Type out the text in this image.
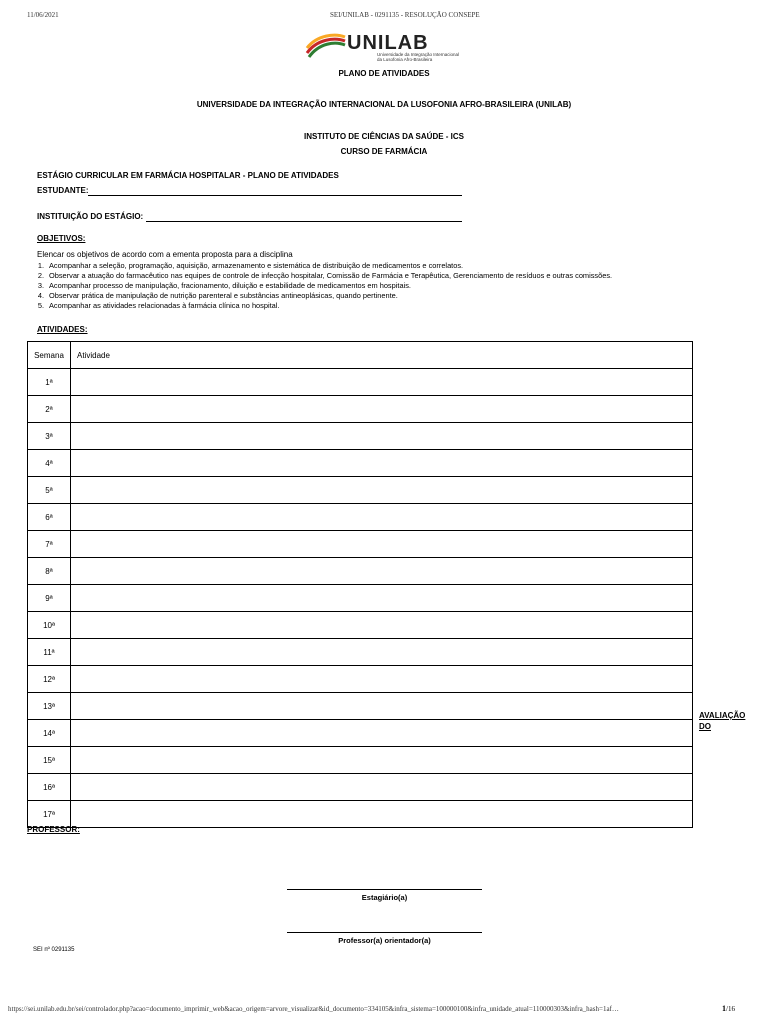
11/06/2021	SEI/UNILAB - 0291135 - RESOLUÇÃO CONSEPE
UNILAB
Universidade da Integração Internacional
da Lusofonia Afro-Brasileira
PLANO DE ATIVIDADES
UNIVERSIDADE DA INTEGRAÇÃO INTERNACIONAL DA LUSOFONIA AFRO-BRASILEIRA (UNILAB)
INSTITUTO DE CIÊNCIAS DA SAÚDE - ICS
CURSO DE FARMÁCIA
ESTÁGIO CURRICULAR EM FARMÁCIA HOSPITALAR - PLANO DE ATIVIDADES
ESTUDANTE:
INSTITUIÇÃO DO ESTÁGIO:
OBJETIVOS:
Elencar os objetivos de acordo com a ementa proposta para a disciplina
1. Acompanhar a seleção, programação, aquisição, armazenamento e sistemática de distribuição de medicamentos e correlatos.
2. Observar a atuação do farmacêutico nas equipes de controle de infecção hospitalar, Comissão de Farmácia e Terapêutica, Gerenciamento de resíduos e outras comissões.
3. Acompanhar processo de manipulação, fracionamento, diluição e estabilidade de medicamentos em hospitais.
4. Observar prática de manipulação de nutrição parenteral e substâncias antineoplásicas, quando pertinente.
5. Acompanhar as atividades relacionadas à farmácia clínica no hospital.
ATIVIDADES:
Semana	Atividade
1ª	
2ª	
3ª	
4ª	
5ª	
6ª	
7ª	
8ª	
9ª	
10ª	
11ª	
12ª	
13ª	
14ª	
15ª	
16ª	
17ª	
AVALIAÇÃO
DO
PROFESSOR:
Estagiário(a)
Professor(a) orientador(a)
SEI nº 0291135
https://sei.unilab.edu.br/sei/controlador.php?acao=documento_imprimir_web&acao_origem=arvore_visualizar&id_documento=334105&infra_sistema=100000100&infra_unidade_atual=110000303&infra_hash=1af…	1/16
